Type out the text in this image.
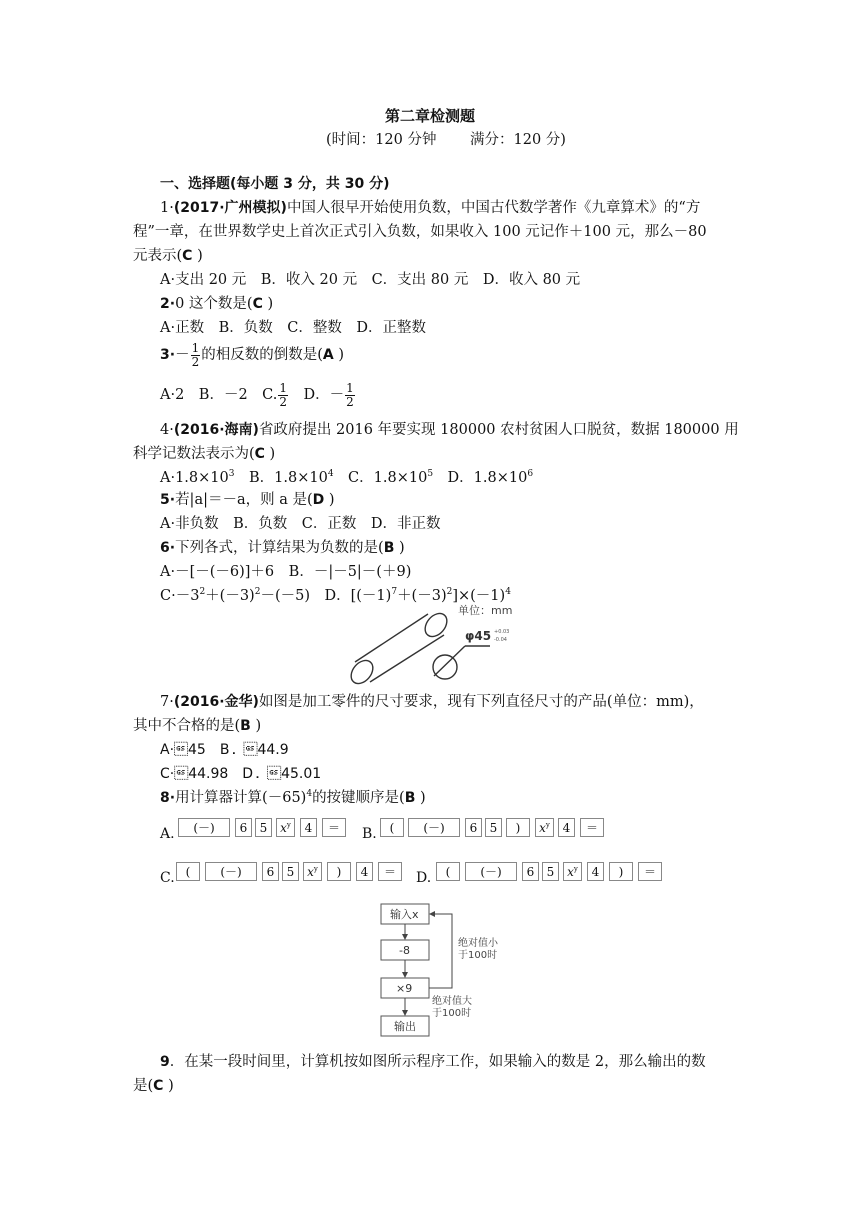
第二章检测题
(时间：120 分钟 满分：120 分)
一、选择题(每小题 3 分，共 30 分)
1·(2017·广州模拟)中国人很早开始使用负数，中国古代数学著作《九章算术》的“方
程”一章，在世界数学史上首次正式引入负数，如果收入 100 元记作＋100 元，那么－80
元表示(C )
A·支出 20 元　B．收入 20 元　C．支出 80 元　D．收入 80 元
2·0 这个数是(C )
A·正数　B．负数　C．整数　D．正整数
$3\cdot- \frac{1}{2}$ 的相反数的倒数是(A )
A·2　B．－2　C. $\frac{1}{2}$ 　D．－ $\frac{1}{2}$
4·(2016·海南)省政府提出 2016 年要实现 180000 农村贫困人口脱贫，数据 180000 用
科学记数法表示为(C )
$A\cdot 1.8\times 10^3$　B．$1.8\times 10^4$　C．$1.8\times 10^5$　D．$1.8\times 10^6$
5·若|a|＝－a，则 a 是(D )
A·非负数　B．负数　C．正数　D．非正数
6·下列各式，计算结果为负数的是(B )
A·－[－(－6)]＋6　B．－|－5|－(＋9)
$C\cdot-3^2+(-3)^2-(-5)$　D．$[(-1)^7+(-3)^2]\times(-1)^4$
单位：mm
φ45 +0.03
-0.04
7·(2016·金华)如图是加工零件的尺寸要求，现有下列直径尺寸的产品(单位：mm)，
其中不合格的是(B )
A·45　B．44.9
C·44.98　D．45.01
8·用计算器计算$(-65)^4$的按键顺序是(B )
A.	(－)	6	5	$x^y$	4	＝	B.	(	(－)	6	5	)	$x^y$	4	＝
C. (	(－)	6	5	$x^y$	)	4	＝	D.	(	(－)	6	5	$x^y$	4	)	＝
输入x
-8
×9
输出
绝对值小
于100时
绝对值大
于100时
9．在某一段时间里，计算机按如图所示程序工作，如果输入的数是 2，那么输出的数
是(C )
